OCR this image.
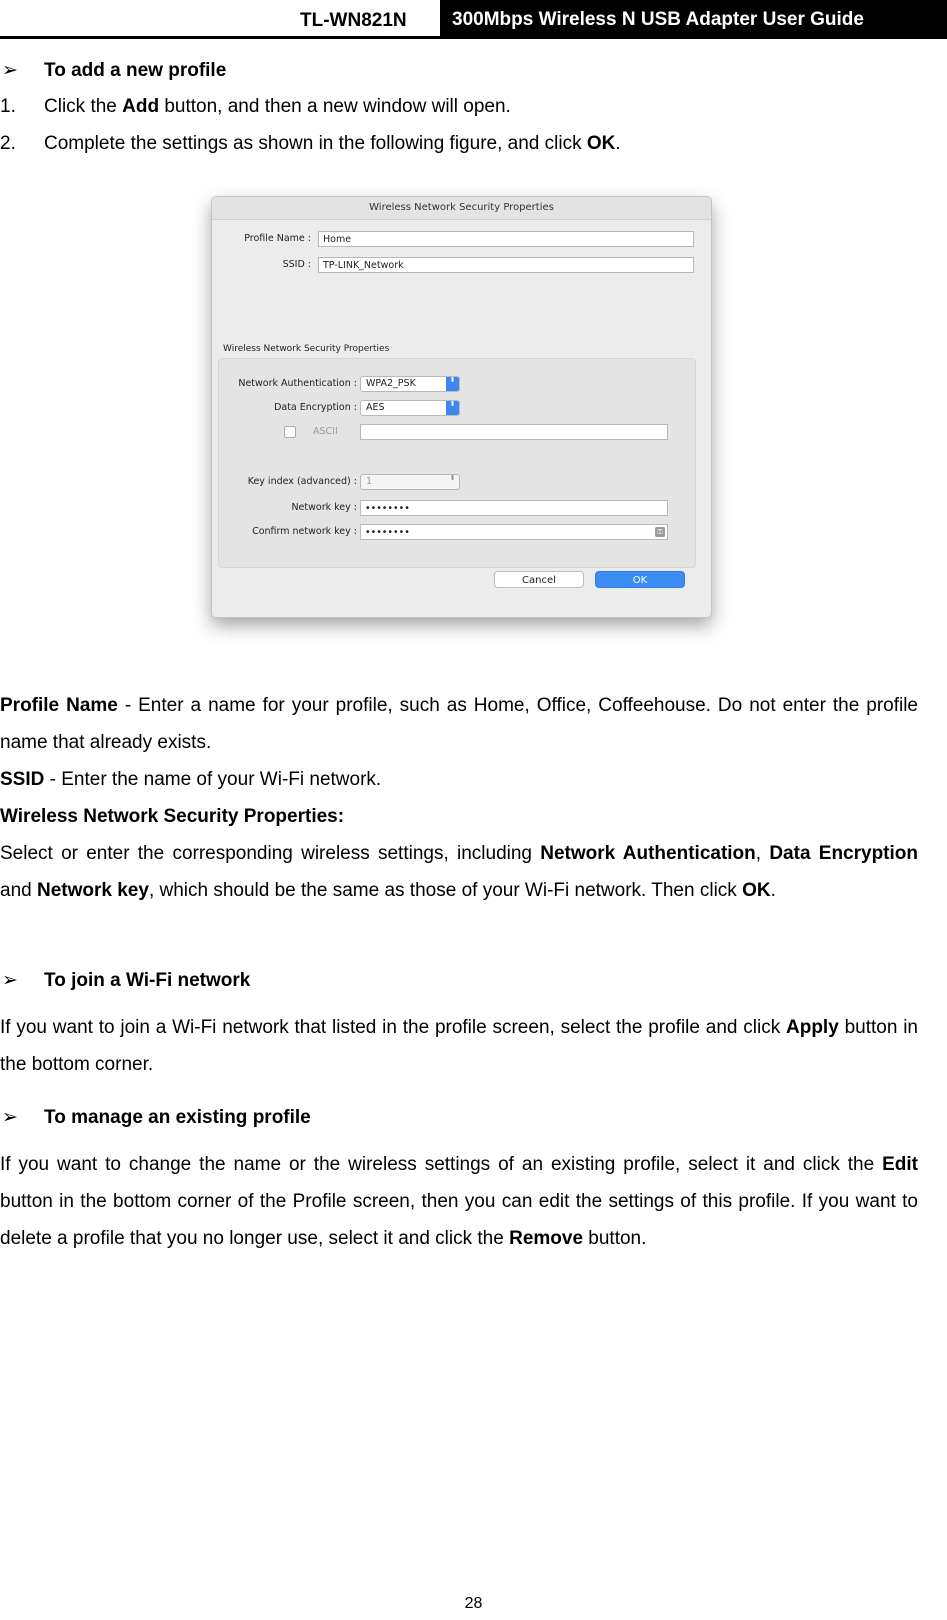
TL-WN821N	300Mbps Wireless N USB Adapter User Guide
➢ To add a new profile
1. Click the Add button, and then a new window will open.
2. Complete the settings as shown in the following figure, and click OK.
Wireless Network Security Properties
Profile Name :	Home
SSID :	TP-LINK_Network
Wireless Network Security Properties
Network Authentication : WPA2_PSK	⬍
Data Encryption : AES	⬍
ASCII
Key index (advanced) : 1	⬍
Network key : ••••••••
Confirm network key : ••••••••	⚿
Cancel	OK
Profile Name - Enter a name for your profile, such as Home, Office, Coffeehouse. Do not enter the profile name that already exists.
SSID - Enter the name of your Wi-Fi network.
Wireless Network Security Properties:
Select or enter the corresponding wireless settings, including Network Authentication, Data Encryption and Network key, which should be the same as those of your Wi-Fi network. Then click OK.
➢ To join a Wi-Fi network
If you want to join a Wi-Fi network that listed in the profile screen, select the profile and click Apply button in the bottom corner.
➢ To manage an existing profile
If you want to change the name or the wireless settings of an existing profile, select it and click the Edit button in the bottom corner of the Profile screen, then you can edit the settings of this profile. If you want to delete a profile that you no longer use, select it and click the Remove button.
28
